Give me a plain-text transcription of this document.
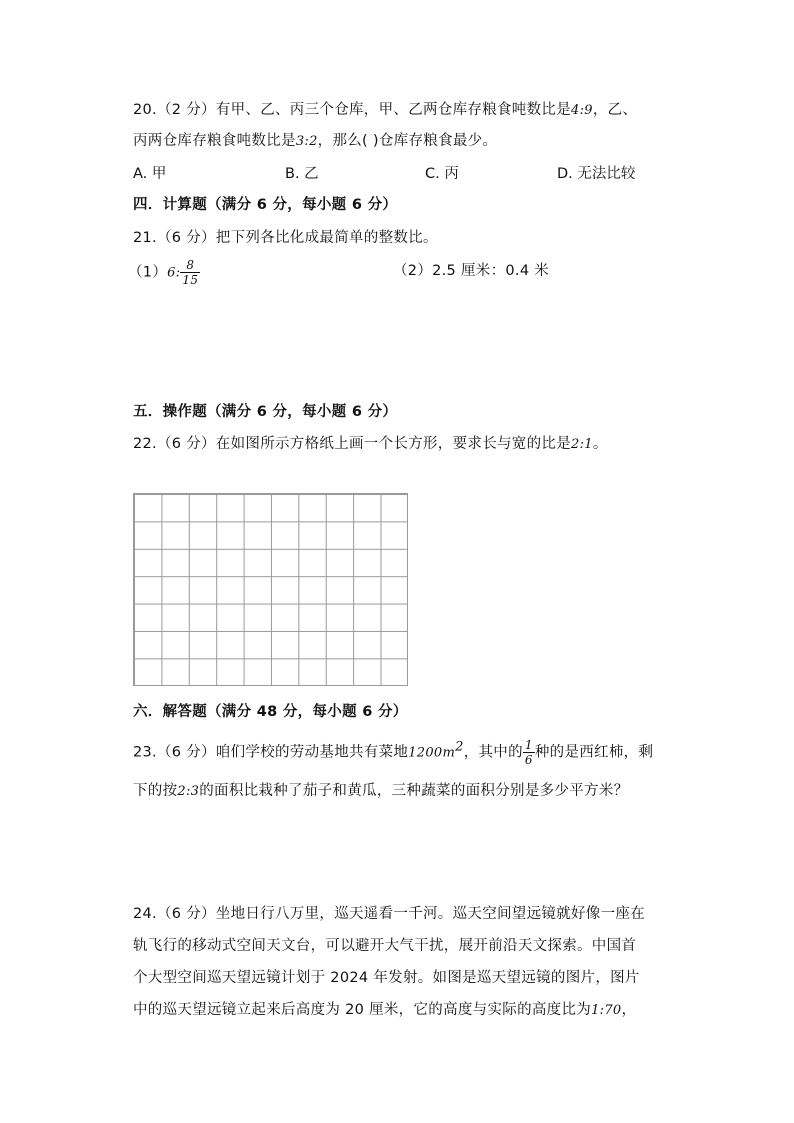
20.（2 分）有甲、乙、丙三个仓库，甲、乙两仓库存粮食吨数比是4:9，乙、
丙两仓库存粮食吨数比是3:2，那么( )仓库存粮食最少。
A. 甲	B. 乙	C. 丙	D. 无法比较
四．计算题（满分 6 分，每小题 6 分）
21.（6 分）把下列各比化成最简单的整数比。
（1）6: $\frac{8}{15}$	（2）2.5 厘米：0.4 米
五．操作题（满分 6 分，每小题 6 分）
22.（6 分）在如图所示方格纸上画一个长方形，要求长与宽的比是2:1。
六．解答题（满分 48 分，每小题 6 分）
23.（6 分）咱们学校的劳动基地共有菜地$1200m^2$，其中的 $\frac{1}{6}$ 种的是西红柿，剩
下的按2:3的面积比栽种了茄子和黄瓜，三种蔬菜的面积分别是多少平方米？
24.（6 分）坐地日行八万里，巡天遥看一千河。巡天空间望远镜就好像一座在
轨飞行的移动式空间天文台，可以避开大气干扰，展开前沿天文探索。中国首
个大型空间巡天望远镜计划于 2024 年发射。如图是巡天望远镜的图片，图片
中的巡天望远镜立起来后高度为 20 厘米，它的高度与实际的高度比为1:70，
